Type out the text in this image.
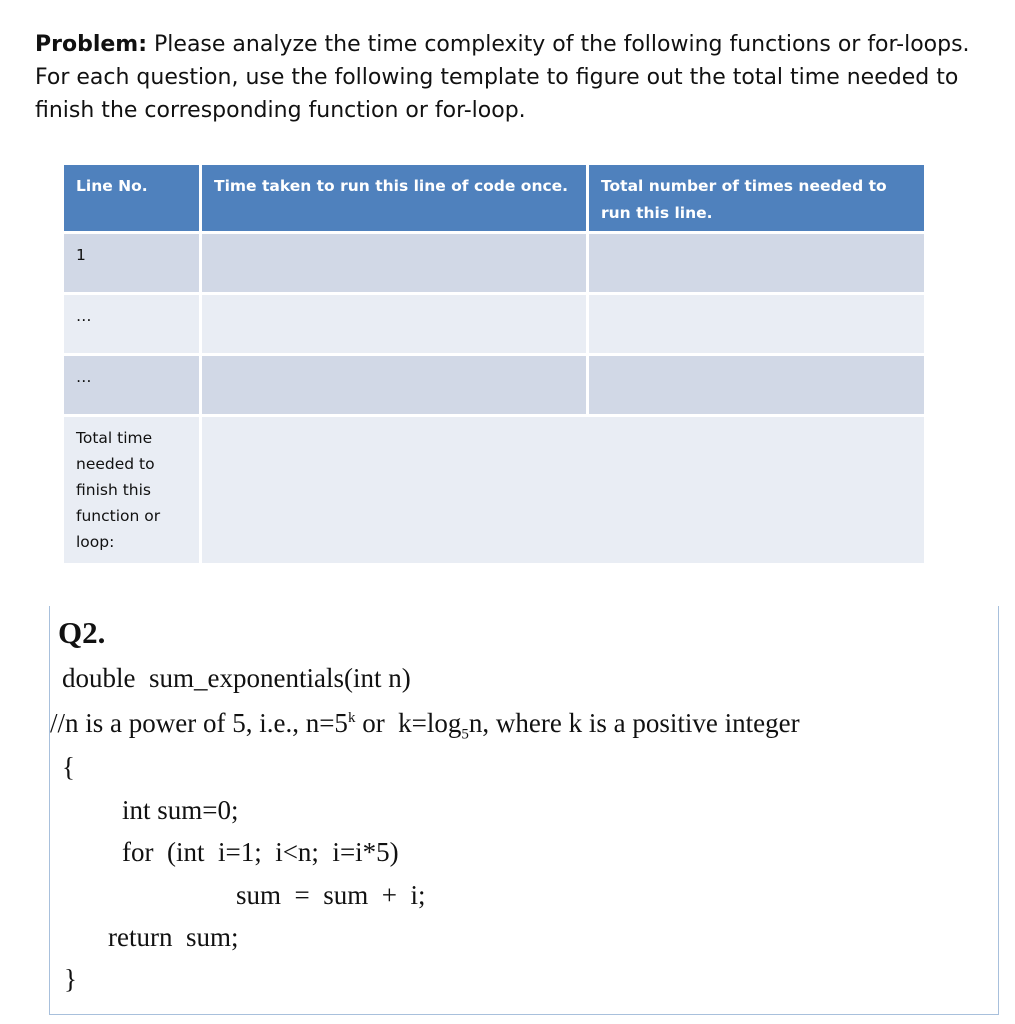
Problem: Please analyze the time complexity of the following functions or for-loops. For each question, use the following template to figure out the total time needed to finish the corresponding function or for-loop.
Line No.	Time taken to run this line of code once.	Total number of times needed to run this line.
1		
…		
…		
Total time needed to finish this function or loop:		
Q2.
double  sum_exponentials(int n)
//n is a power of 5, i.e., $n=5^k$ or  $k=\log_5n$, where k is a positive integer
{
int sum=0;
for  (int  i=1;  i<n;  i=i*5)
sum  =  sum  +  i;
return  sum;
}
